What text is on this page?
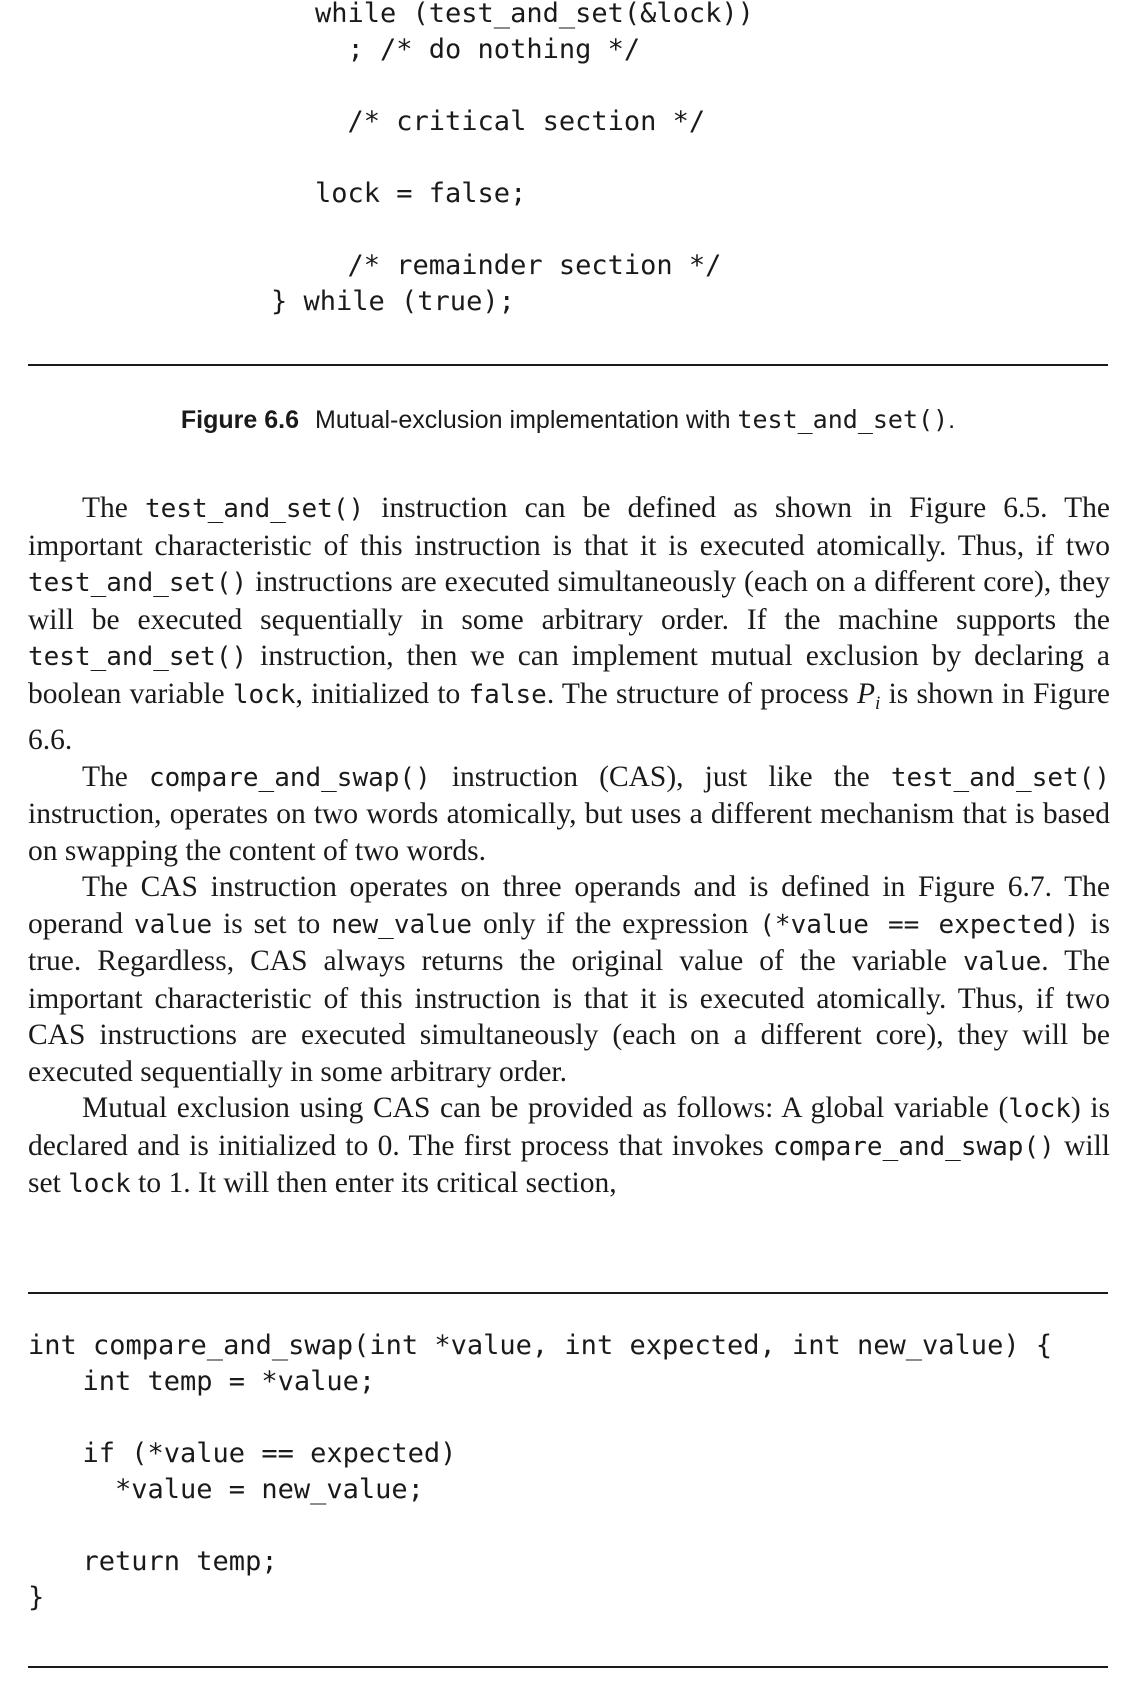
while (test_and_set(&lock))
; /* do nothing */
/* critical section */
lock = false;
/* remainder section */
} while (true);
Figure 6.6 Mutual-exclusion implementation with test_and_set().

The test_and_set() instruction can be defined as shown in Figure 6.5. The important characteristic of this instruction is that it is executed atomically. Thus, if two test_and_set() instructions are executed simultaneously (each on a different core), they will be executed sequentially in some arbitrary order. If the machine supports the test_and_set() instruction, then we can implement mutual exclusion by declaring a boolean variable lock, initialized to false. The structure of process $P_i$ is shown in Figure 6.6.

The compare_and_swap() instruction (CAS), just like the test_and_set() instruction, operates on two words atomically, but uses a different mechanism that is based on swapping the content of two words.

The CAS instruction operates on three operands and is defined in Figure 6.7. The operand value is set to new_value only if the expression (*value == expected) is true. Regardless, CAS always returns the original value of the variable value. The important characteristic of this instruction is that it is executed atomically. Thus, if two CAS instructions are executed simultaneously (each on a different core), they will be executed sequentially in some arbitrary order.

Mutual exclusion using CAS can be provided as follows: A global variable (lock) is declared and is initialized to 0. The first process that invokes compare_and_swap() will set lock to 1. It will then enter its critical section,

int compare_and_swap(int *value, int expected, int new_value) {
int temp = *value;
if (*value == expected)
*value = new_value;
return temp;
}
